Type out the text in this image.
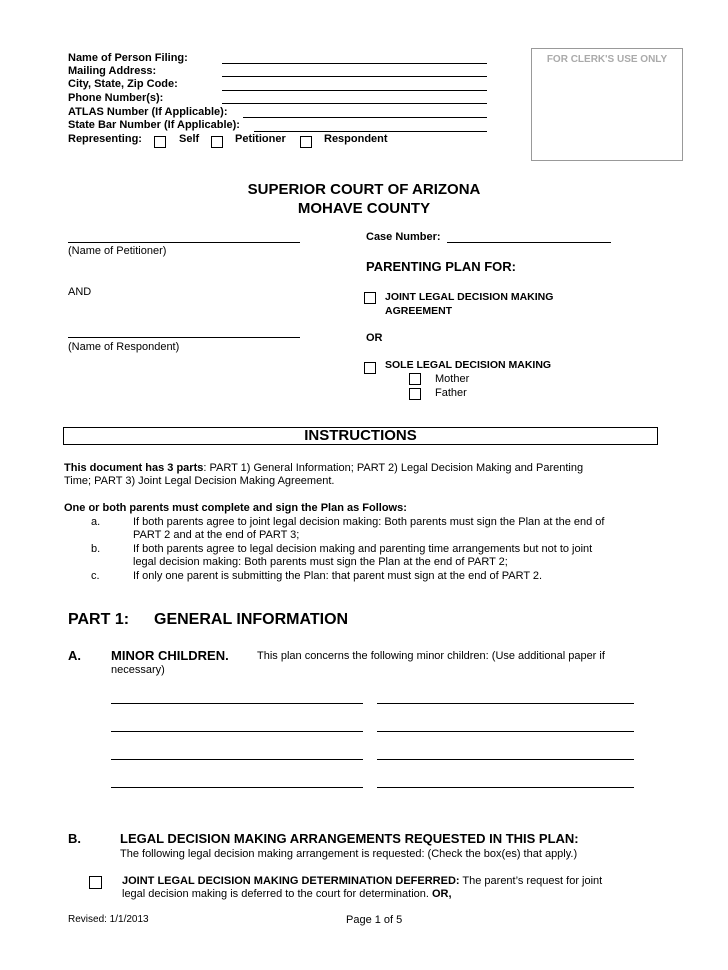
Name of Person Filing:
Mailing Address:
City, State, Zip Code:
Phone Number(s):
ATLAS Number (If Applicable):
State Bar Number (If Applicable):
Representing:	Self	Petitioner	Respondent
FOR CLERK'S USE ONLY
SUPERIOR COURT OF ARIZONA
MOHAVE COUNTY
(Name of Petitioner)
AND
(Name of Respondent)
Case Number:
PARENTING PLAN FOR:
JOINT LEGAL DECISION MAKING
AGREEMENT
OR
SOLE LEGAL DECISION MAKING
Mother
Father
INSTRUCTIONS
This document has 3 parts: PART 1) General Information; PART 2) Legal Decision Making and Parenting
Time; PART 3) Joint Legal Decision Making Agreement.
One or both parents must complete and sign the Plan as Follows:
a.	If both parents agree to joint legal decision making: Both parents must sign the Plan at the end of
PART 2 and at the end of PART 3;
b.	If both parents agree to legal decision making and parenting time arrangements but not to joint
legal decision making: Both parents must sign the Plan at the end of PART 2;
c.	If only one parent is submitting the Plan: that parent must sign at the end of PART 2.
PART 1: GENERAL INFORMATION
A. MINOR CHILDREN.	This plan concerns the following minor children: (Use additional paper if
necessary)
B.	LEGAL DECISION MAKING ARRANGEMENTS REQUESTED IN THIS PLAN:
The following legal decision making arrangement is requested: (Check the box(es) that apply.)
JOINT LEGAL DECISION MAKING DETERMINATION DEFERRED: The parent’s request for joint
legal decision making is deferred to the court for determination. OR,
Revised: 1/1/2013	Page 1 of 5
